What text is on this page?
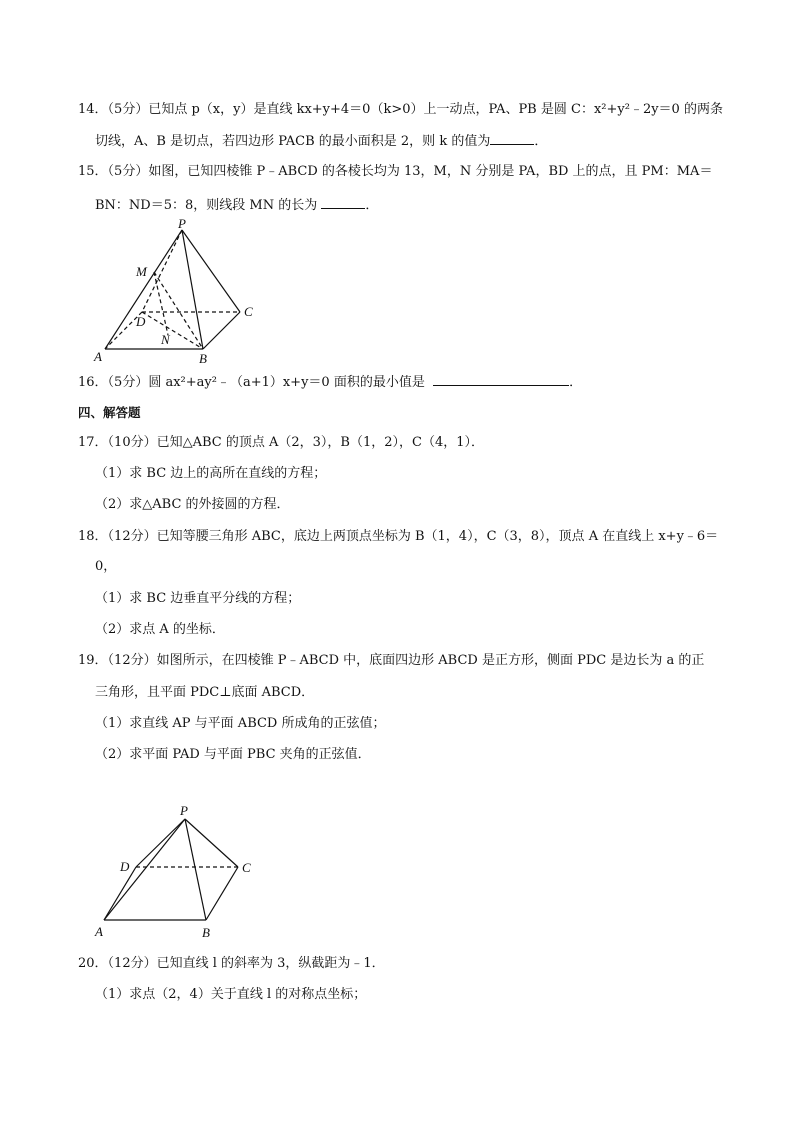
14．（5分）已知点 p（x，y）是直线 kx+y+4＝0（k>0）上一动点，PA、PB 是圆 C：x²+y²﹣2y＝0 的两条
切线，A、B 是切点，若四边形 PACB 的最小面积是 2，则 k 的值为	．
15．（5分）如图，已知四棱锥 P﹣ABCD 的各棱长均为 13，M，N 分别是 PA，BD 上的点，且 PM：MA＝
BN：ND＝5：8，则线段 MN 的长为	．
P
M
D
C
A
N
B
16．（5分）圆 ax²+ay²﹣（a+1）x+y＝0 面积的最小值是	．
四、解答题
17．（10分）已知△ABC 的顶点 A（2，3），B（1，2），C（4，1）．
（1）求 BC 边上的高所在直线的方程；
（2）求△ABC 的外接圆的方程．
18．（12分）已知等腰三角形 ABC，底边上两顶点坐标为 B（1，4），C（3，8），顶点 A 在直线上 x+y﹣6＝
0，
（1）求 BC 边垂直平分线的方程；
（2）求点 A 的坐标．
19．（12分）如图所示，在四棱锥 P﹣ABCD 中，底面四边形 ABCD 是正方形，侧面 PDC 是边长为 a 的正
三角形，且平面 PDC⊥底面 ABCD．
（1）求直线 AP 与平面 ABCD 所成角的正弦值；
（2）求平面 PAD 与平面 PBC 夹角的正弦值．
P
D	C
A	B
20．（12分）已知直线 l 的斜率为 3，纵截距为﹣1．
（1）求点（2，4）关于直线 l 的对称点坐标；
